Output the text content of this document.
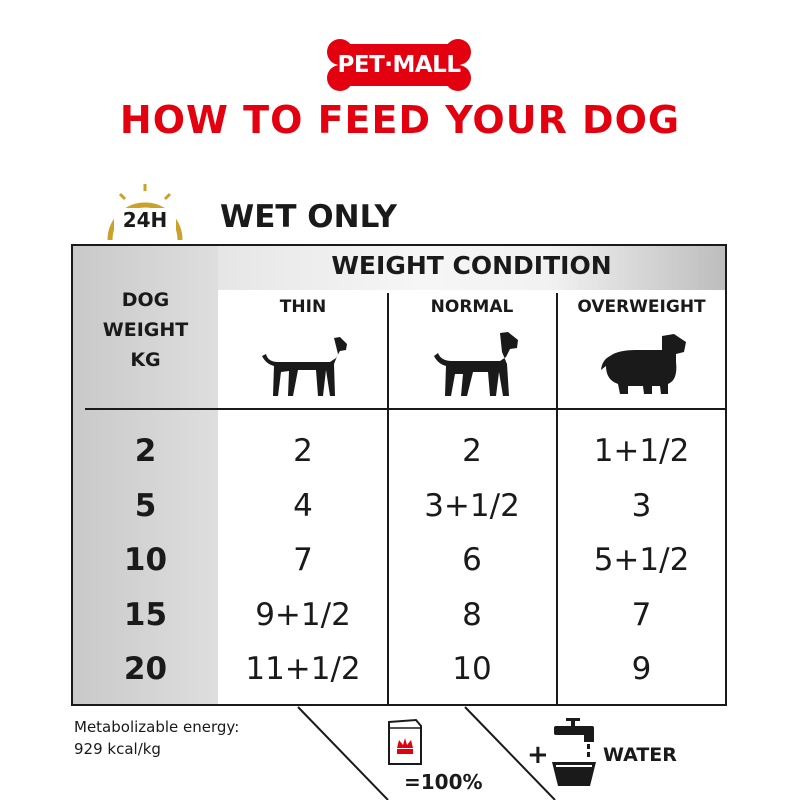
PET·MALL
HOW TO FEED YOUR DOG
24H WET ONLY
WEIGHT CONDITION
DOG
WEIGHT
KG
THIN	NORMAL	OVERWEIGHT
2	2	2	1+1/2
5	4	3+1/2	3
10	7	6	5+1/2
15	9+1/2	8	7
20	11+1/2	10	9
Metabolizable energy:
929 kcal/kg
=100%
+	WATER
